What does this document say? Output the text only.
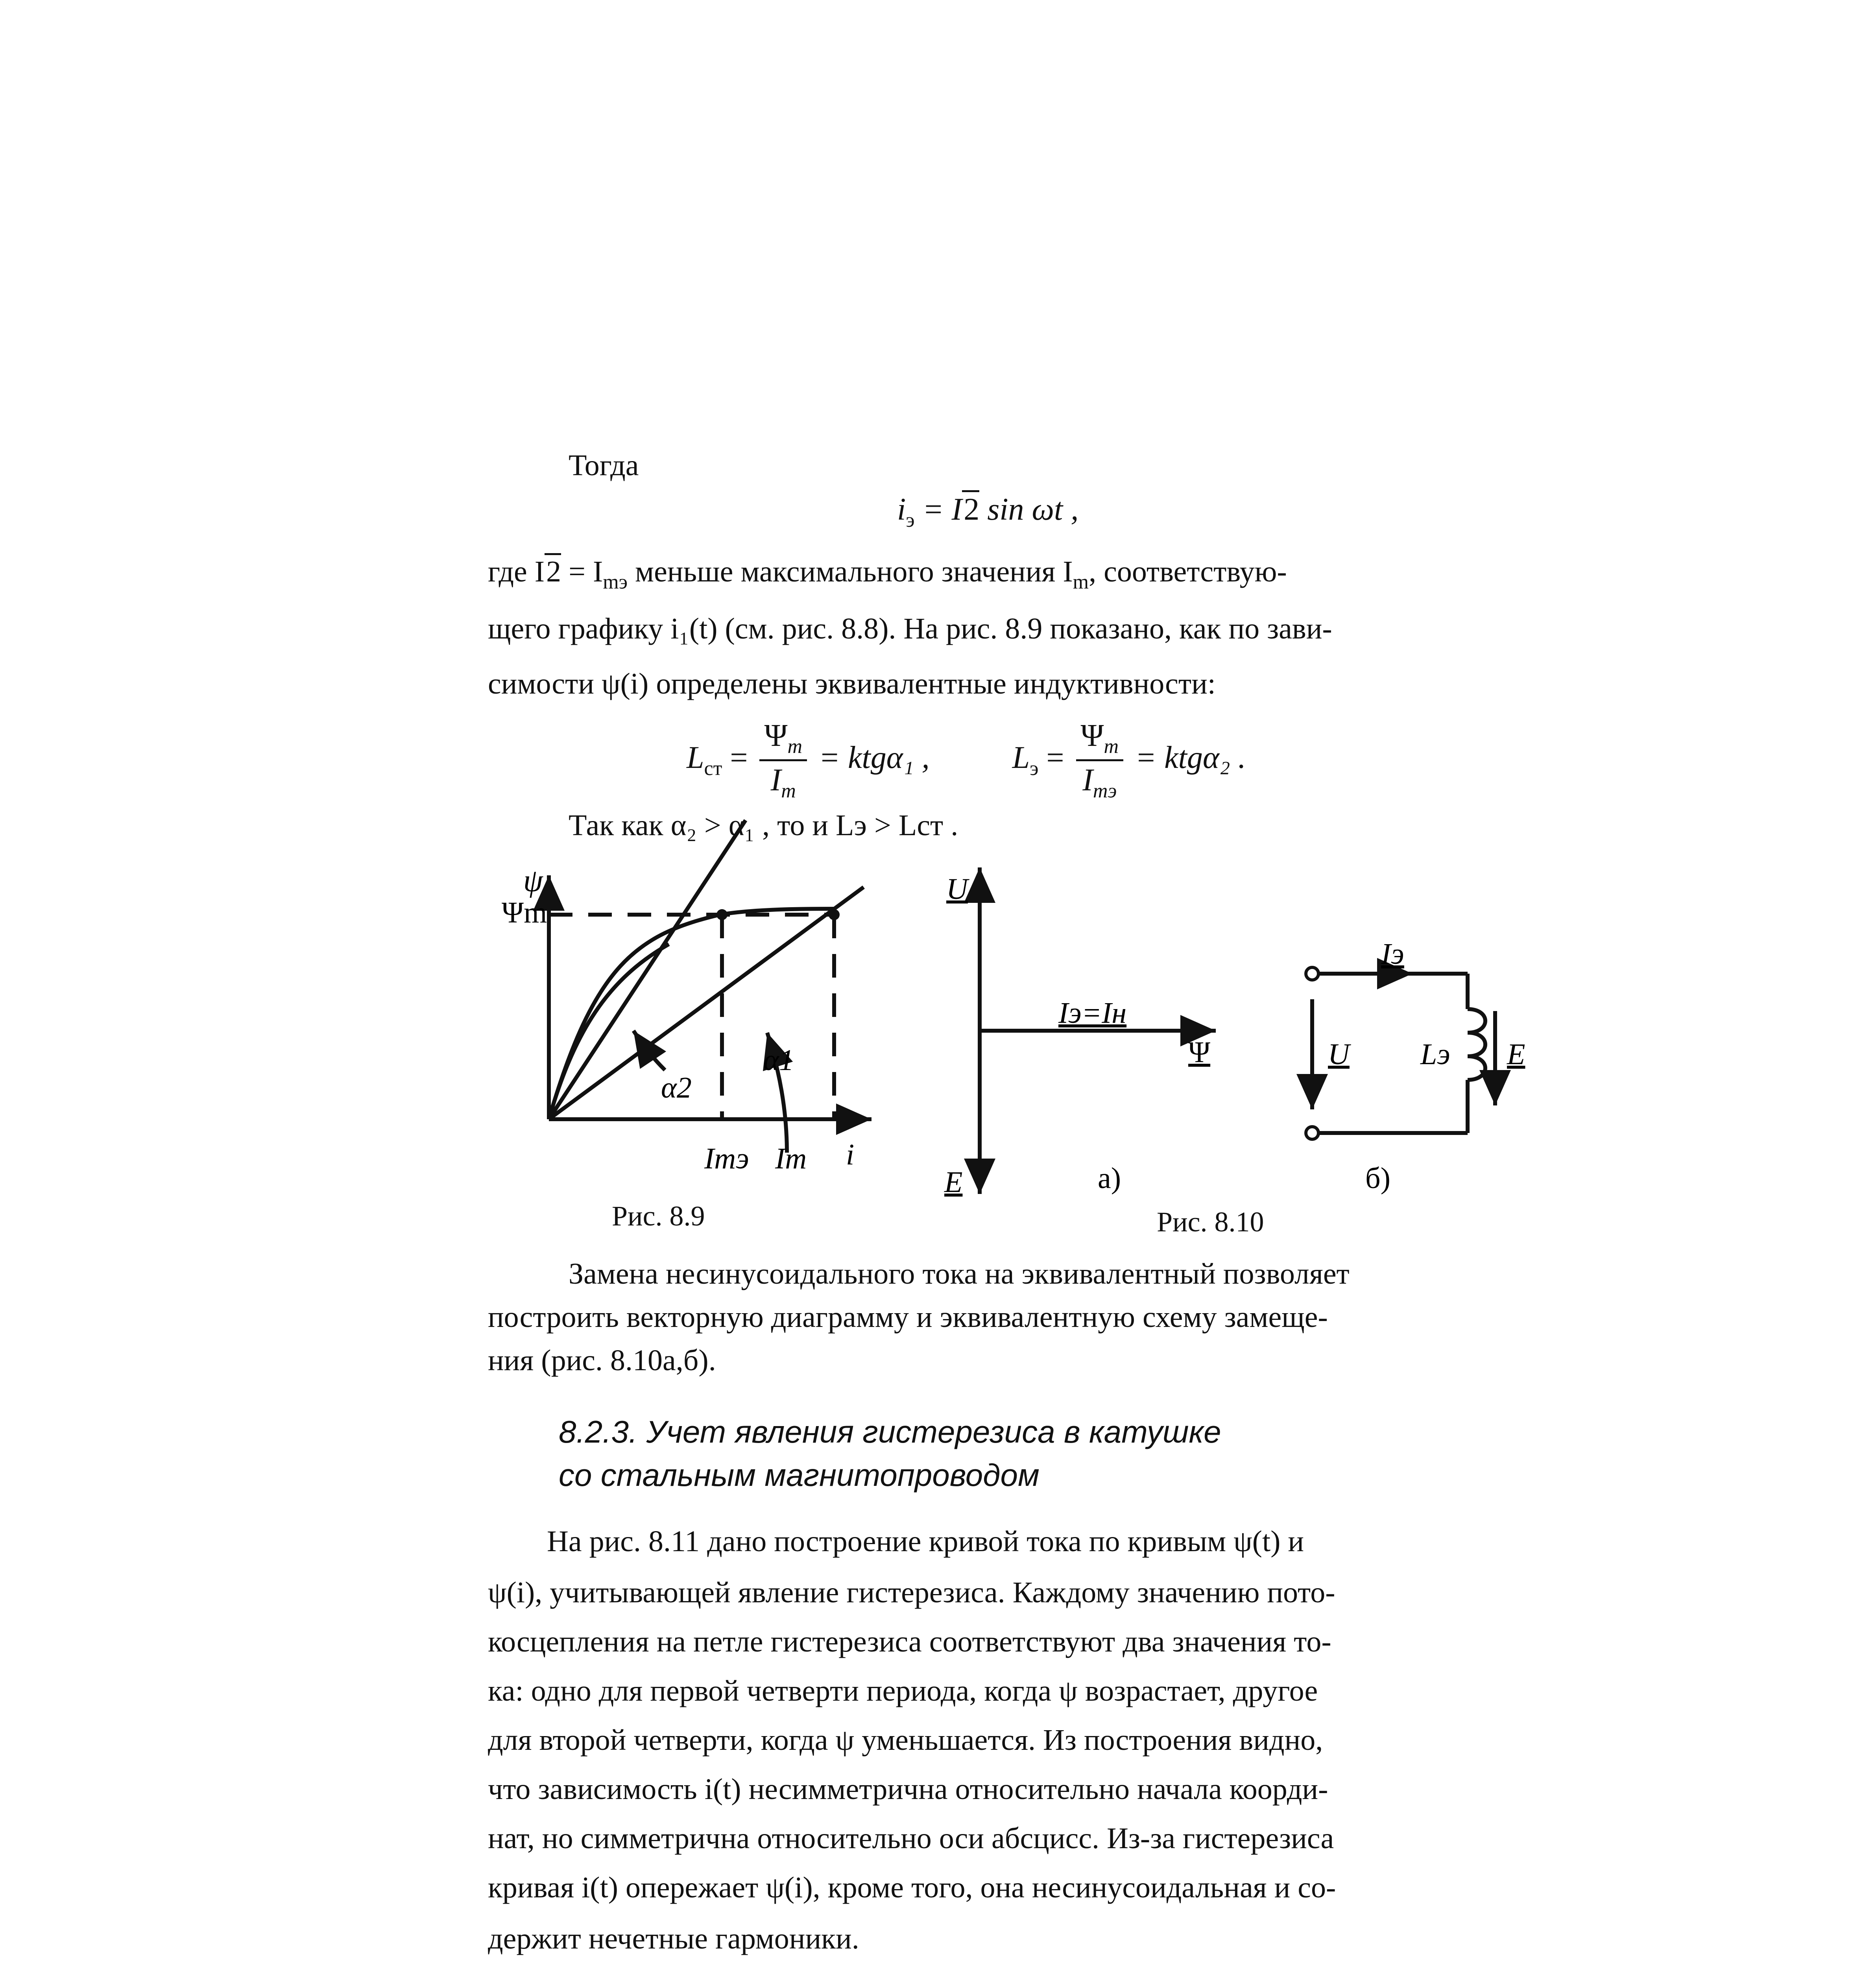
Тогда
$i_э = I2$ sin ωt ,
где $I2 = I_{mэ}$ меньше максимального значения $I_m$, соответствую-
щего графику i₁(t) (см. рис. 8.8). На рис. 8.9 показано, как по зави-
симости ψ(i) определены эквивалентные индуктивности:
$L_{ст} = \frac{\Psi_m}{I_m} = ktg\alpha_1$ ,	$L_э = \frac{\Psi_m}{I_{mэ}} = ktg\alpha_2$ .
Так как α₂ > α₁ , то и Lэ > Lст .
ψ
Ψm
i
Imэ Im
α2
α1
U
E
Iэ=Iн
Ψ
а)
Iэ
U Lэ E
б)
Рис. 8.9	Рис. 8.10
Замена несинусоидального тока на эквивалентный позволяет
построить векторную диаграмму и эквивалентную схему замеще-
ния (рис. 8.10а,б).
8.2.3. Учет явления гистерезиса в катушке
со стальным магнитопроводом
На рис. 8.11 дано построение кривой тока по кривым ψ(t) и
ψ(i), учитывающей явление гистерезиса. Каждому значению пото-
косцепления на петле гистерезиса соответствуют два значения то-
ка: одно для первой четверти периода, когда ψ возрастает, другое
для второй четверти, когда ψ уменьшается. Из построения видно,
что зависимость i(t) несимметрична относительно начала коорди-
нат, но симметрична относительно оси абсцисс. Из-за гистерезиса
кривая i(t) опережает ψ(i), кроме того, она несинусоидальная и со-
держит нечетные гармоники.
